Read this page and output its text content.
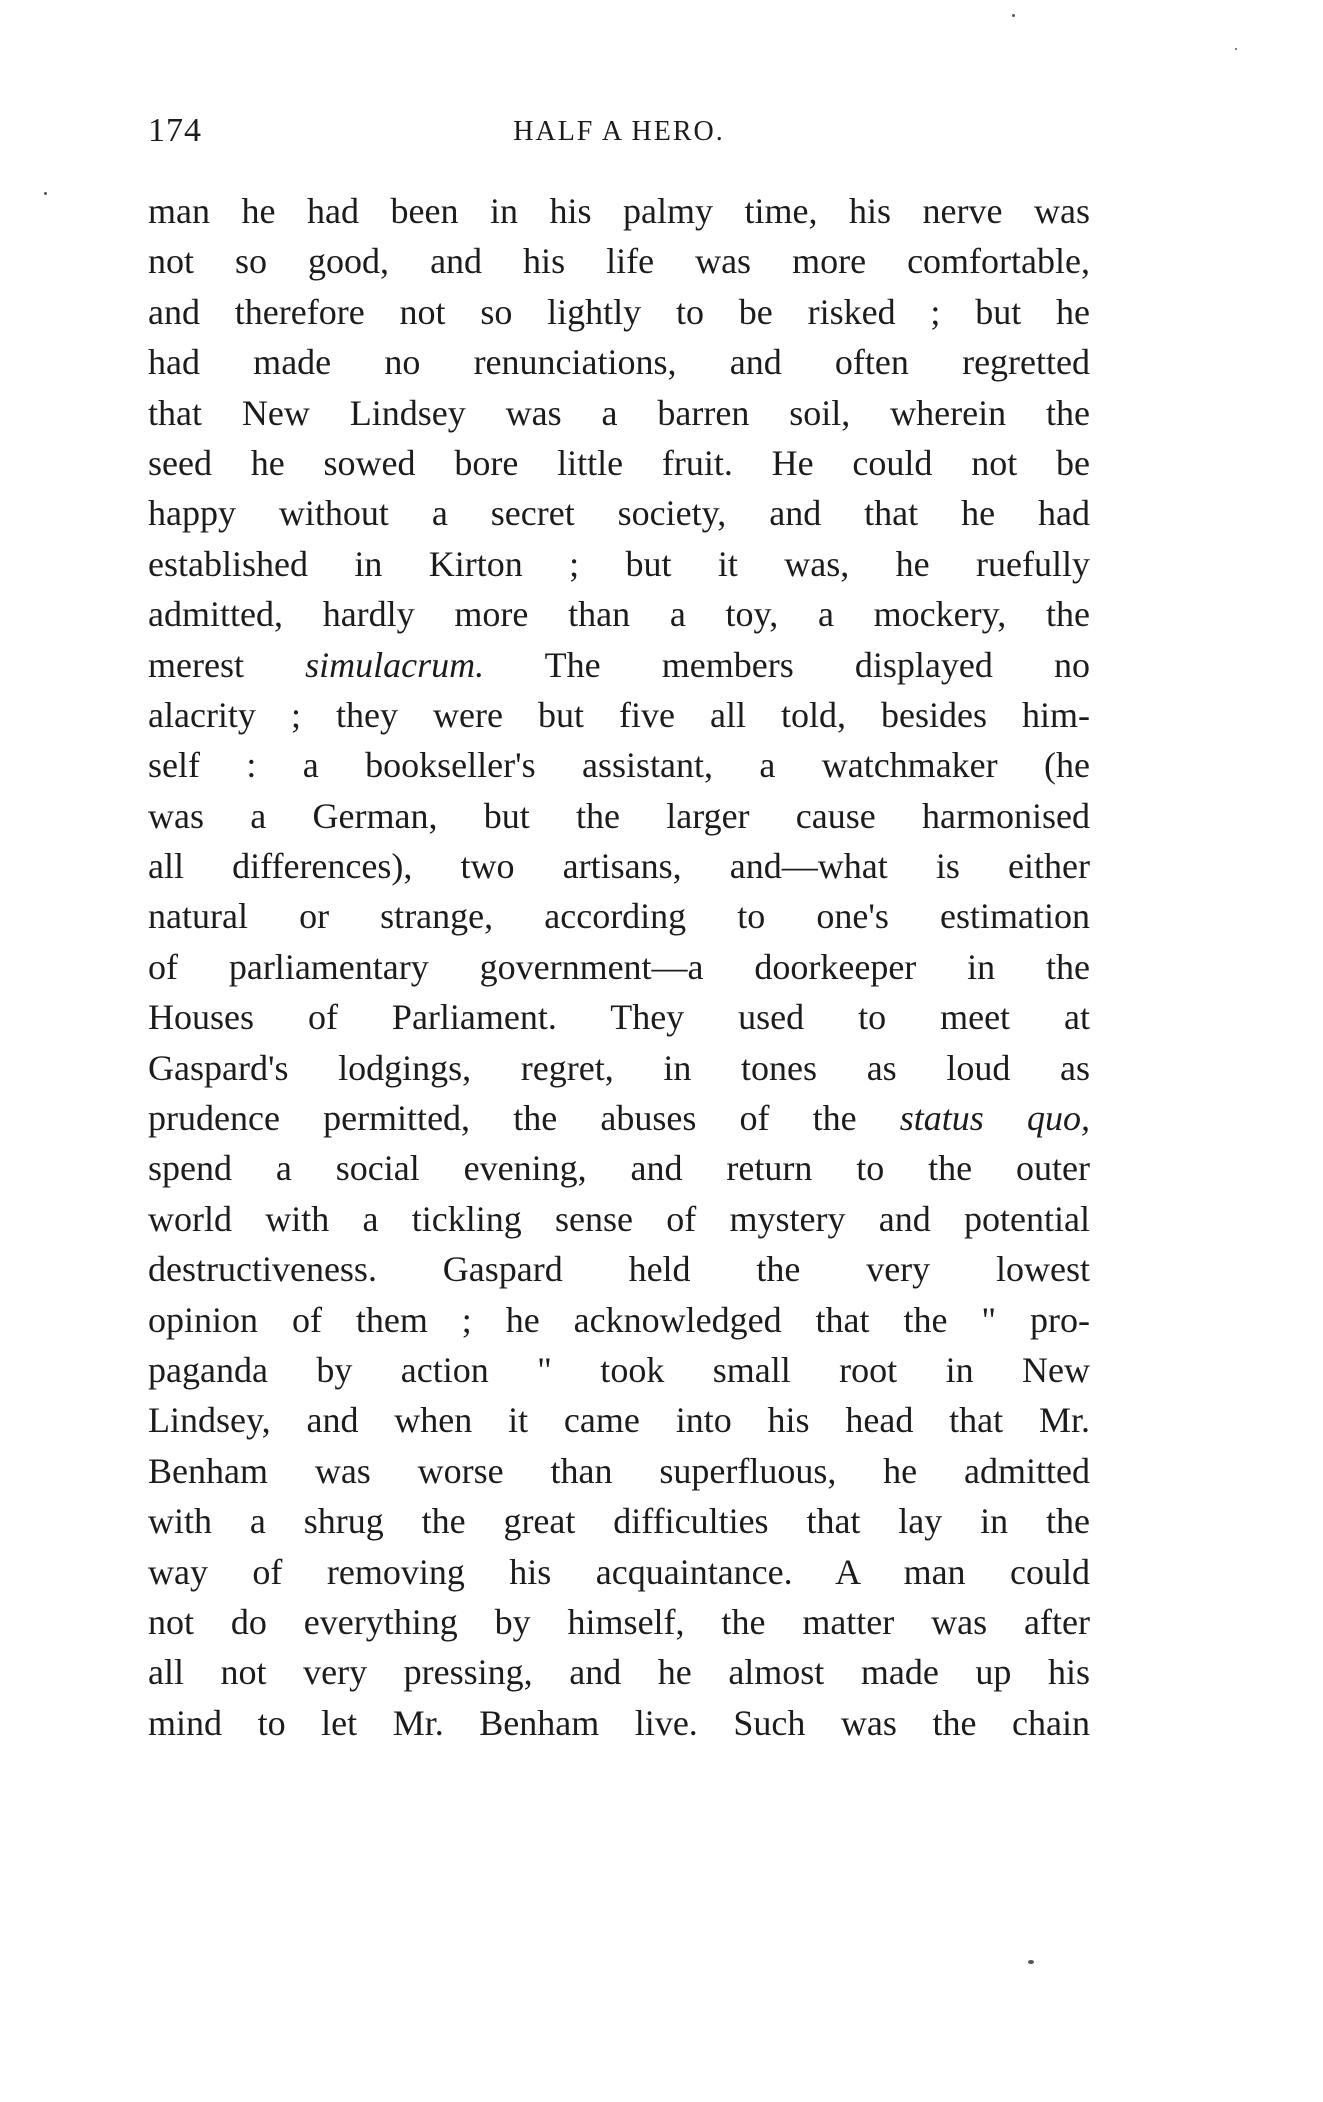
174	HALF A HERO.
man he had been in his palmy time, his nerve was
not so good, and his life was more comfortable,
and therefore not so lightly to be risked ; but he
had made no renunciations, and often regretted
that New Lindsey was a barren soil, wherein the
seed he sowed bore little fruit. He could not be
happy without a secret society, and that he had
established in Kirton ; but it was, he ruefully
admitted, hardly more than a toy, a mockery, the
merest simulacrum. The members displayed no
alacrity ; they were but five all told, besides him-
self : a bookseller's assistant, a watchmaker (he
was a German, but the larger cause harmonised
all differences), two artisans, and—what is either
natural or strange, according to one's estimation
of parliamentary government—a doorkeeper in the
Houses of Parliament. They used to meet at
Gaspard's lodgings, regret, in tones as loud as
prudence permitted, the abuses of the status quo,
spend a social evening, and return to the outer
world with a tickling sense of mystery and potential
destructiveness. Gaspard held the very lowest
opinion of them ; he acknowledged that the " pro-
paganda by action " took small root in New
Lindsey, and when it came into his head that Mr.
Benham was worse than superfluous, he admitted
with a shrug the great difficulties that lay in the
way of removing his acquaintance. A man could
not do everything by himself, the matter was after
all not very pressing, and he almost made up his
mind to let Mr. Benham live. Such was the chain
